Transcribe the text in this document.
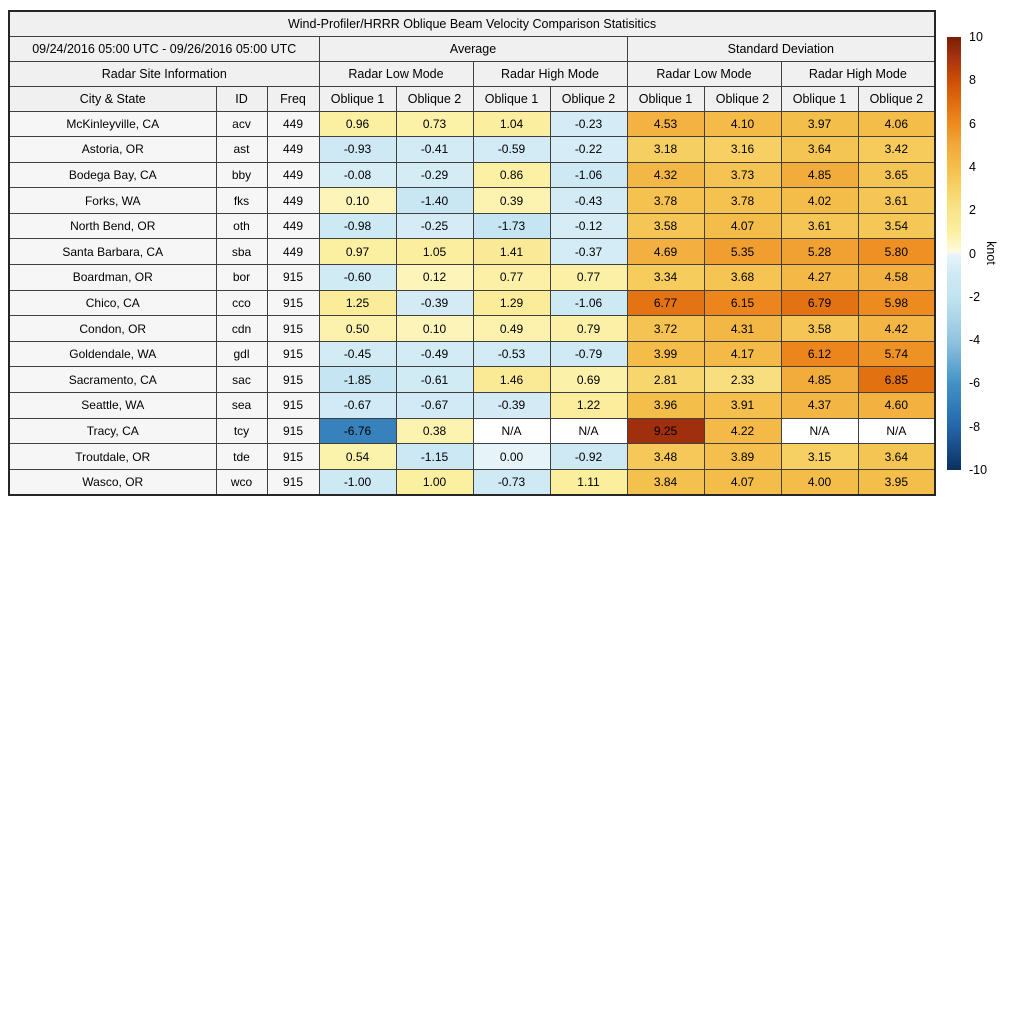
Wind-Profiler/HRRR Oblique Beam Velocity Comparison Statisitics										
09/24/2016 05:00 UTC - 09/26/2016 05:00 UTC			Average				Standard Deviation			
Radar Site Information			Radar Low Mode		Radar High Mode		Radar Low Mode		Radar High Mode	
City & State	ID	Freq	Oblique 1	Oblique 2	Oblique 1	Oblique 2	Oblique 1	Oblique 2	Oblique 1	Oblique 2
McKinleyville, CA	acv	449	0.96	0.73	1.04	-0.23	4.53	4.10	3.97	4.06
Astoria, OR	ast	449	-0.93	-0.41	-0.59	-0.22	3.18	3.16	3.64	3.42
Bodega Bay, CA	bby	449	-0.08	-0.29	0.86	-1.06	4.32	3.73	4.85	3.65
Forks, WA	fks	449	0.10	-1.40	0.39	-0.43	3.78	3.78	4.02	3.61
North Bend, OR	oth	449	-0.98	-0.25	-1.73	-0.12	3.58	4.07	3.61	3.54
Santa Barbara, CA	sba	449	0.97	1.05	1.41	-0.37	4.69	5.35	5.28	5.80
Boardman, OR	bor	915	-0.60	0.12	0.77	0.77	3.34	3.68	4.27	4.58
Chico, CA	cco	915	1.25	-0.39	1.29	-1.06	6.77	6.15	6.79	5.98
Condon, OR	cdn	915	0.50	0.10	0.49	0.79	3.72	4.31	3.58	4.42
Goldendale, WA	gdl	915	-0.45	-0.49	-0.53	-0.79	3.99	4.17	6.12	5.74
Sacramento, CA	sac	915	-1.85	-0.61	1.46	0.69	2.81	2.33	4.85	6.85
Seattle, WA	sea	915	-0.67	-0.67	-0.39	1.22	3.96	3.91	4.37	4.60
Tracy, CA	tcy	915	-6.76	0.38	N/A	N/A	9.25	4.22	N/A	N/A
Troutdale, OR	tde	915	0.54	-1.15	0.00	-0.92	3.48	3.89	3.15	3.64
Wasco, OR	wco	915	-1.00	1.00	-0.73	1.11	3.84	4.07	4.00	3.95
10
8
6
4
2
0
-2
-4
-6
-8
-10
knot
